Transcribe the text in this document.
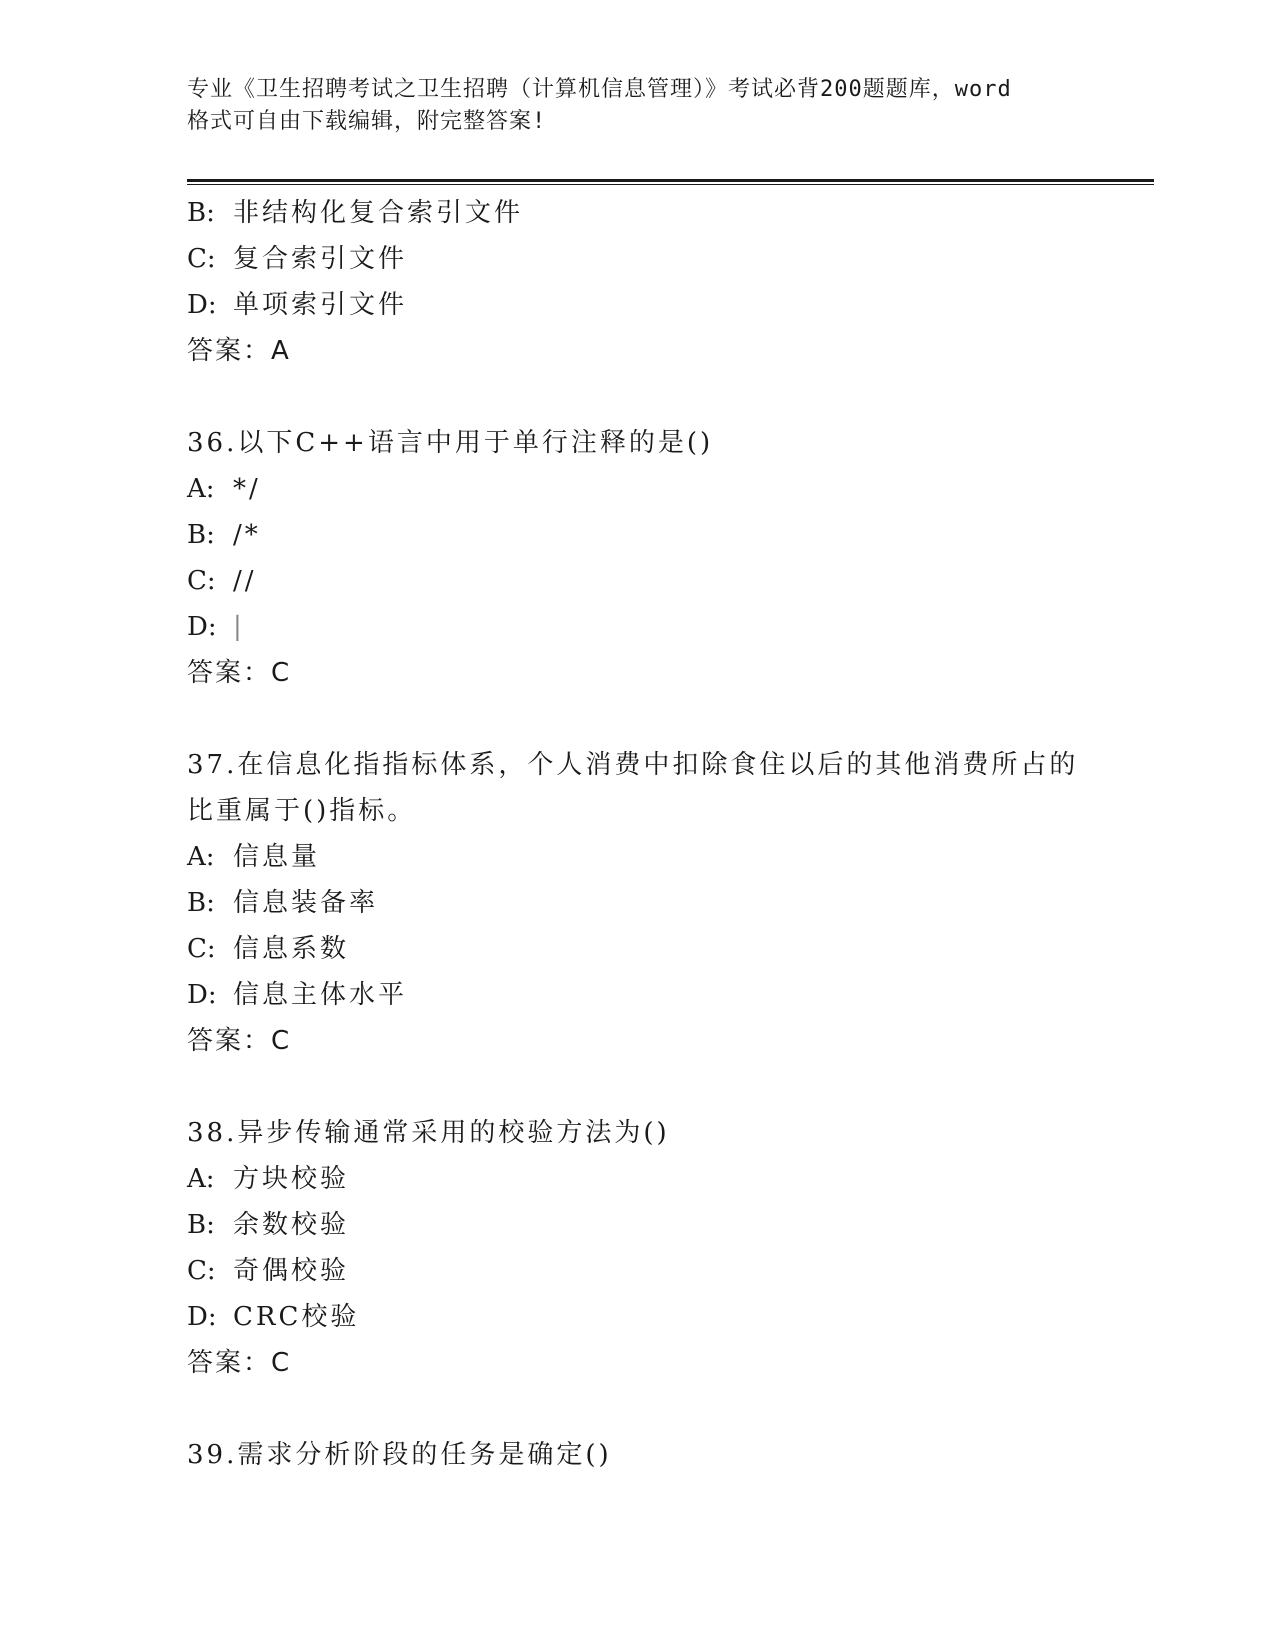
专业《卫生招聘考试之卫生招聘（计算机信息管理）》考试必背200题题库，word
格式可自由下载编辑，附完整答案!
B: 非结构化复合索引文件
C: 复合索引文件
D: 单项索引文件
答案：A
36.以下C++语言中用于单行注释的是()
A: */
B: /*
C: //
D: |
答案：C
37.在信息化指指标体系，个人消费中扣除食住以后的其他消费所占的
比重属于()指标。
A: 信息量
B: 信息装备率
C: 信息系数
D: 信息主体水平
答案：C
38.异步传输通常采用的校验方法为()
A: 方块校验
B: 余数校验
C: 奇偶校验
D: CRC校验
答案：C
39.需求分析阶段的任务是确定()
